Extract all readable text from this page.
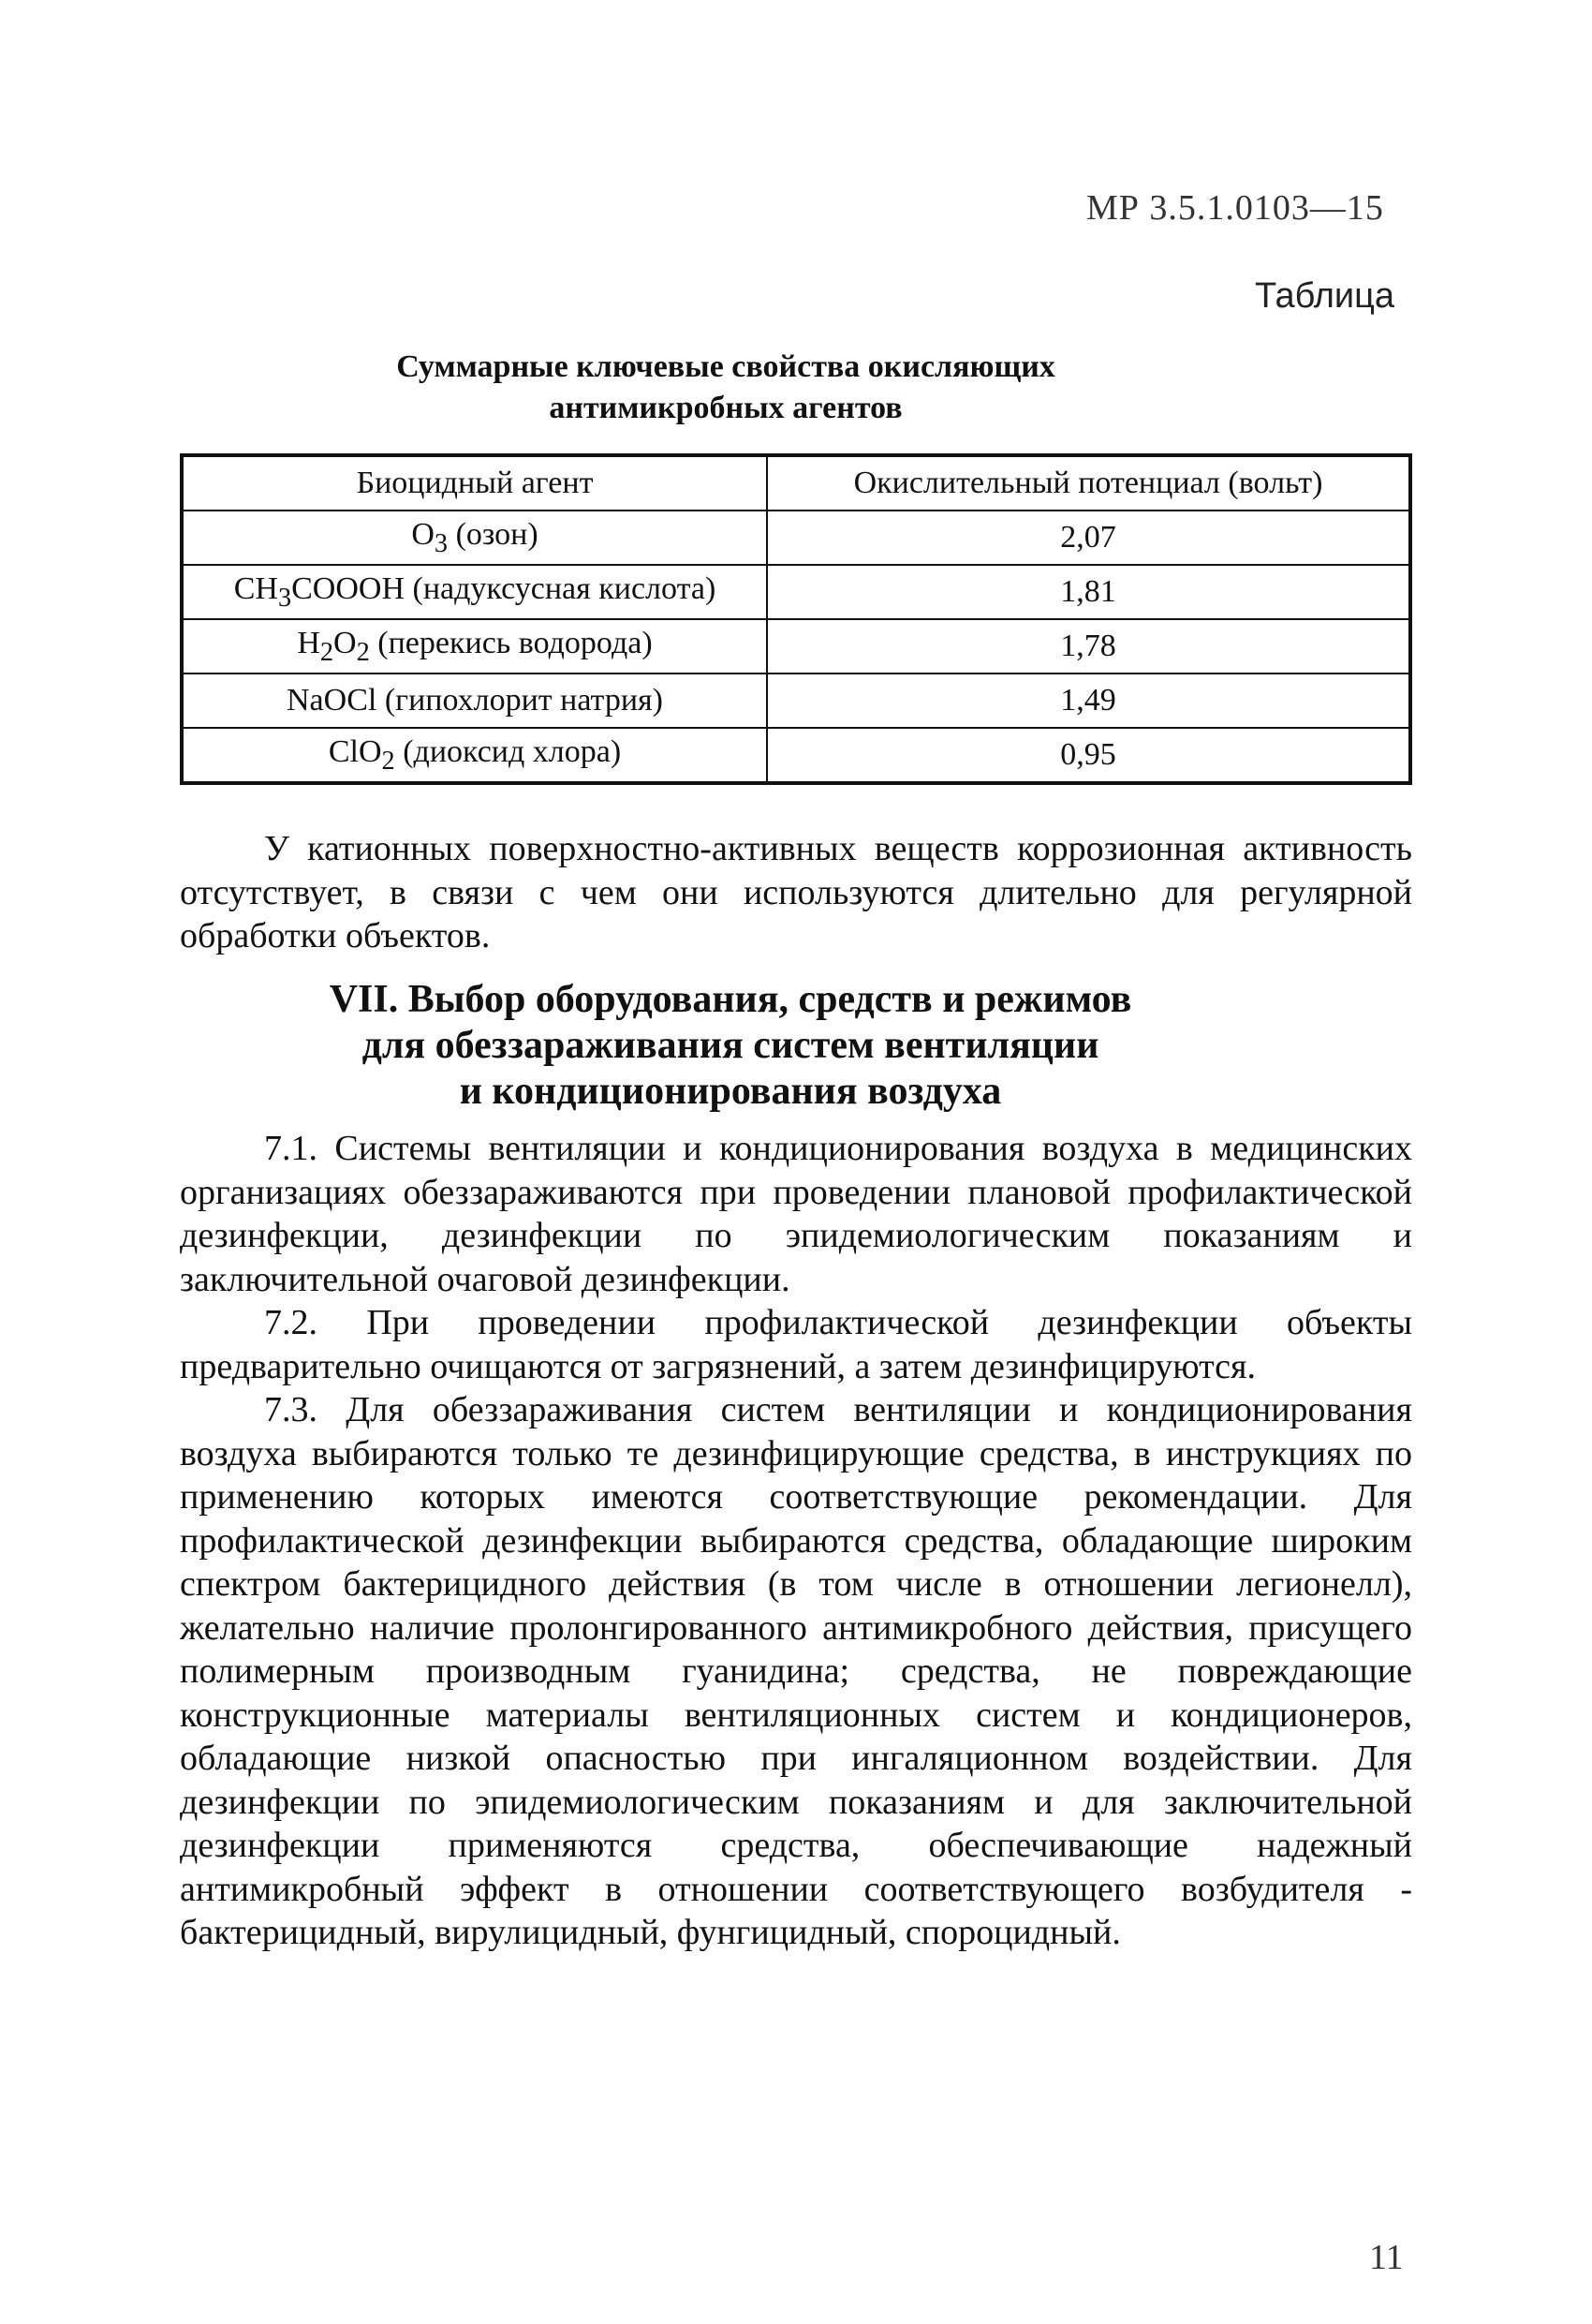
МР 3.5.1.0103—15
Таблица
Суммарные ключевые свойства окисляющих
антимикробных агентов
Биоцидный агент	Окислительный потенциал (вольт)
$O_3$ (озон)	2,07
$CH_3COOOH$ (надуксусная кислота)	1,81
$H_2O_2$ (перекись водорода)	1,78
NaOCl (гипохлорит натрия)	1,49
ClO$_2$ (диоксид хлора)	0,95

У катионных поверхностно-активных веществ коррозионная активность отсутствует, в связи с чем они используются длительно для регулярной обработки объектов.

VII. Выбор оборудования, средств и режимов
для обеззараживания систем вентиляции
и кондиционирования воздуха

7.1. Системы вентиляции и кондиционирования воздуха в медицинских организациях обеззараживаются при проведении плановой профилактической дезинфекции, дезинфекции по эпидемиологическим показаниям и заключительной очаговой дезинфекции.

7.2. При проведении профилактической дезинфекции объекты предварительно очищаются от загрязнений, а затем дезинфицируются.

7.3. Для обеззараживания систем вентиляции и кондиционирования воздуха выбираются только те дезинфицирующие средства, в инструкциях по применению которых имеются соответствующие рекомендации. Для профилактической дезинфекции выбираются средства, обладающие широким спектром бактерицидного действия (в том числе в отношении легионелл), желательно наличие пролонгированного антимикробного действия, присущего полимерным производным гуанидина; средства, не повреждающие конструкционные материалы вентиляционных систем и кондиционеров, обладающие низкой опасностью при ингаляционном воздействии. Для дезинфекции по эпидемиологическим показаниям и для заключительной дезинфекции применяются средства, обеспечивающие надежный антимикробный эффект в отношении соответствующего возбудителя - бактерицидный, вирулицидный, фунгицидный, спороцидный.

11
